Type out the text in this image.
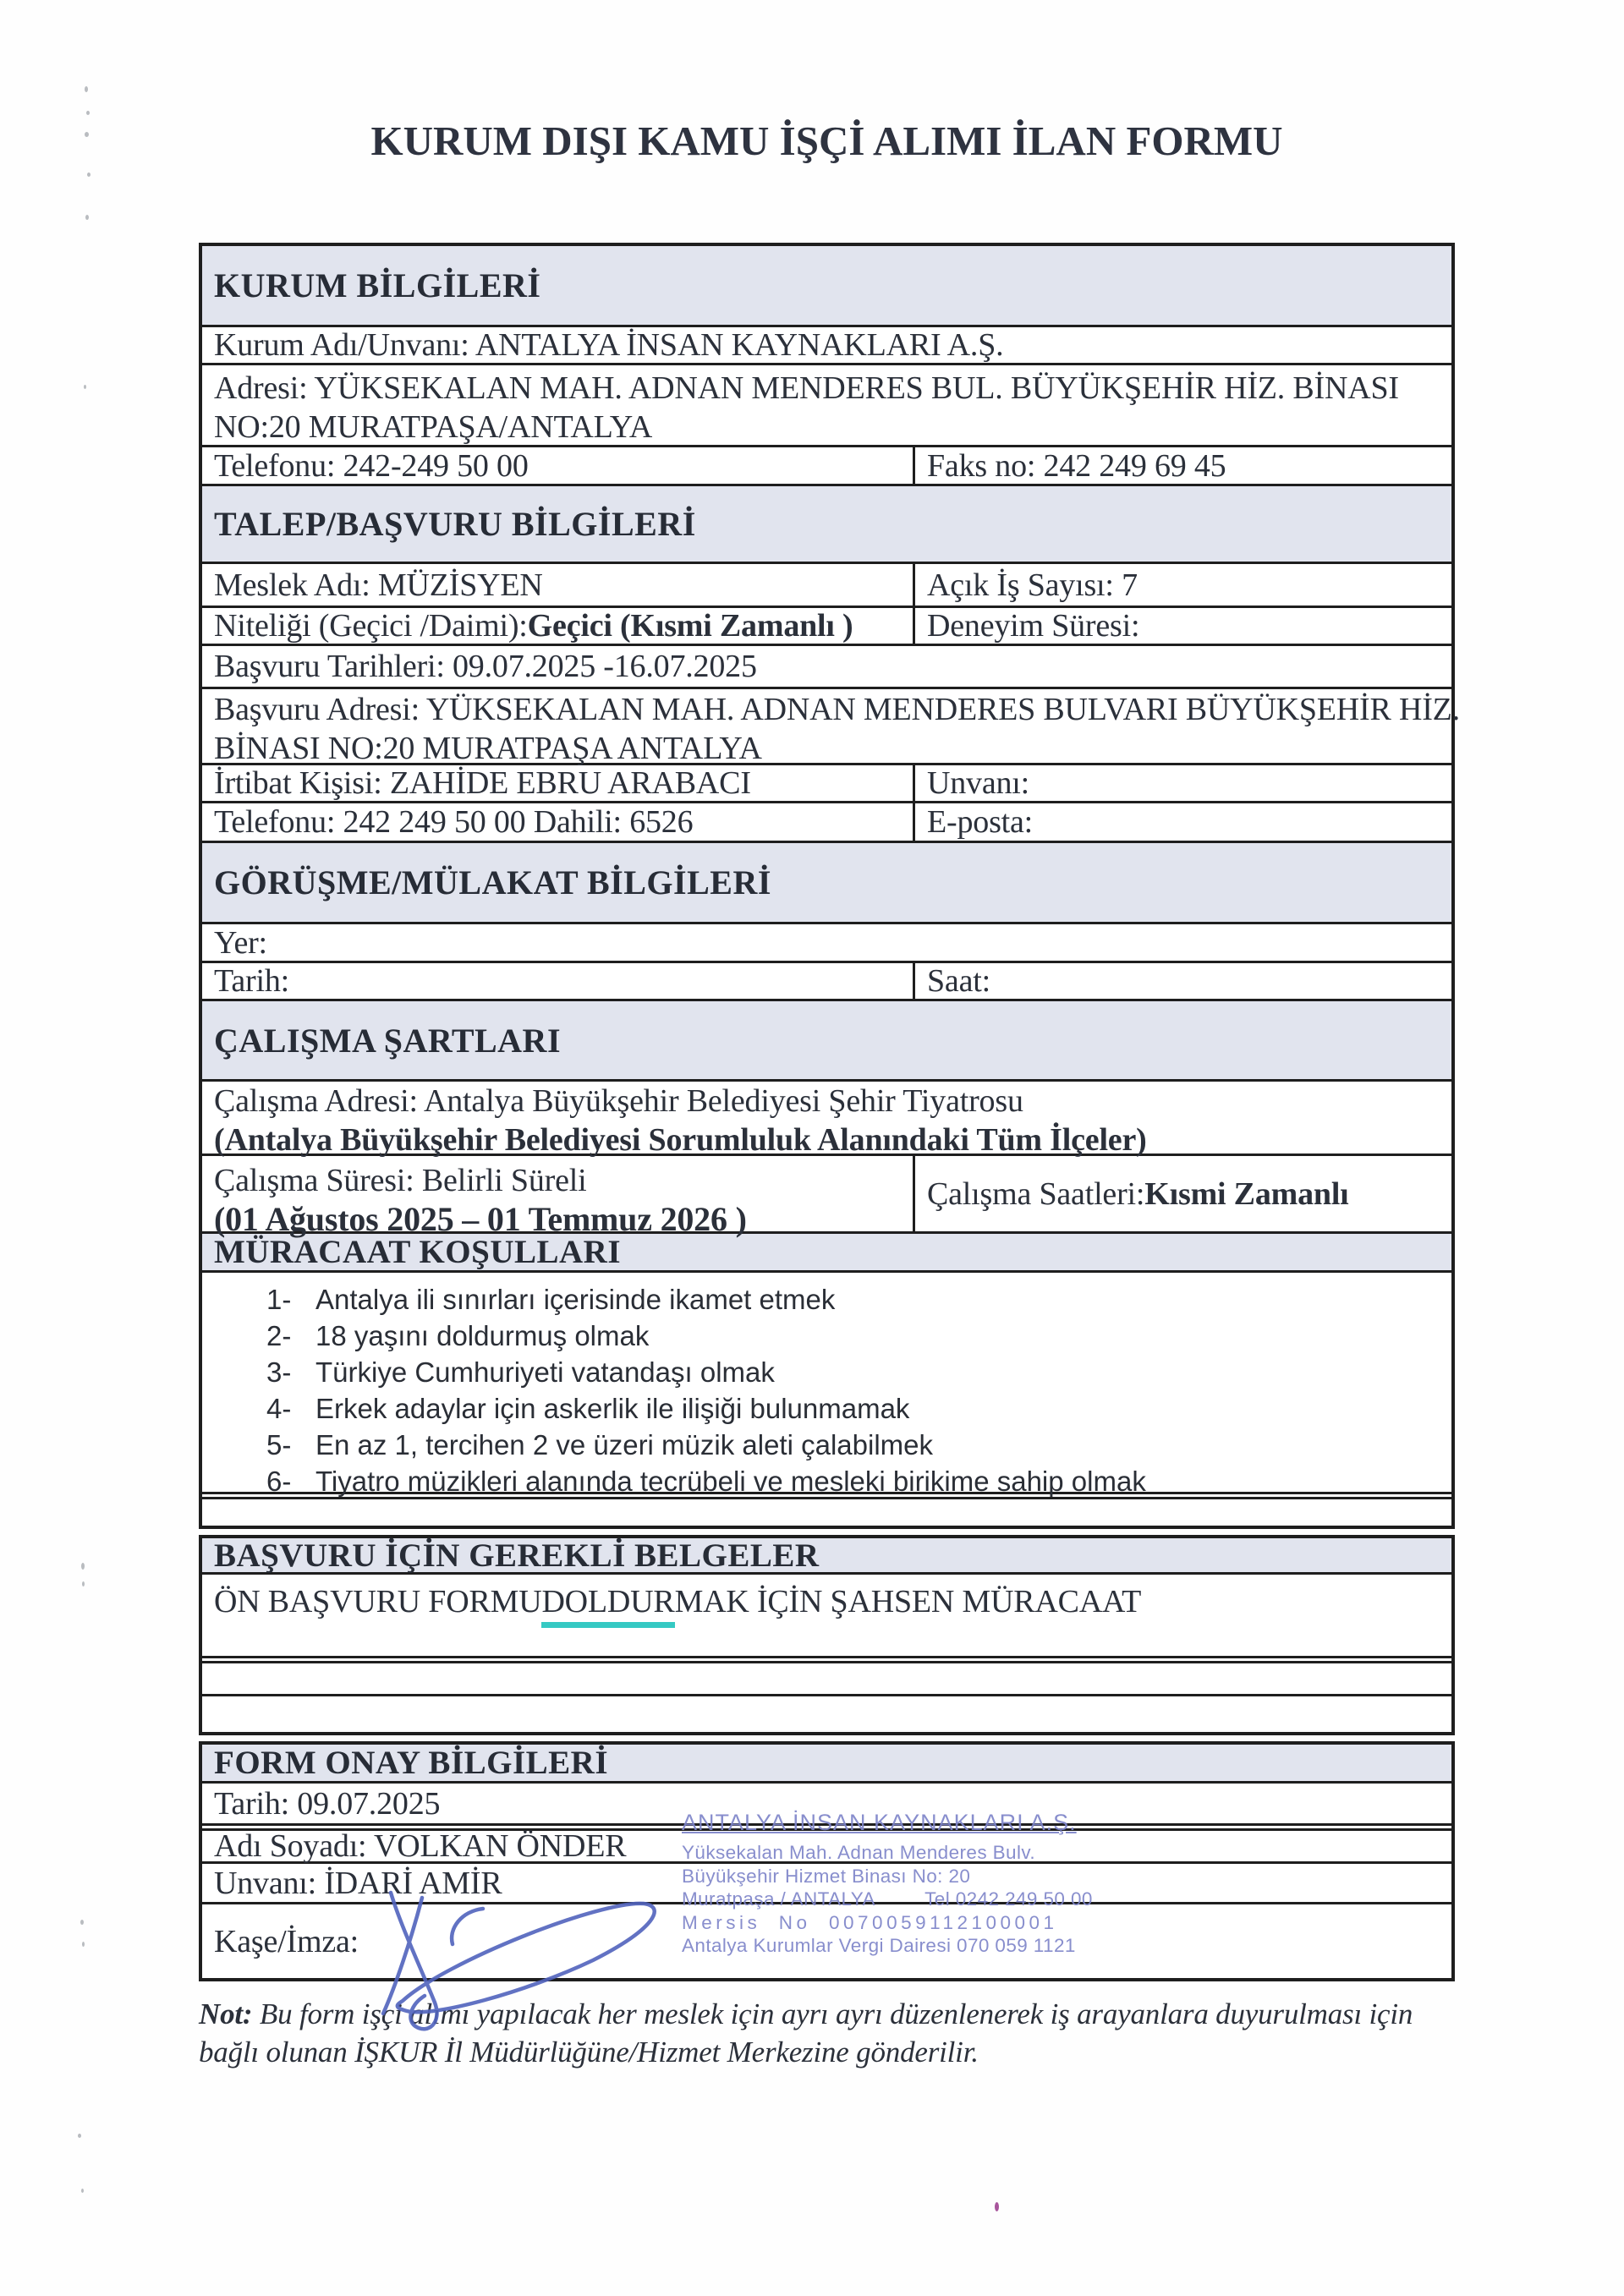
KURUM DIŞI KAMU İŞÇİ ALIMI İLAN FORMU
KURUM BİLGİLERİ
Kurum Adı/Unvanı: ANTALYA İNSAN KAYNAKLARI A.Ş.
Adresi: YÜKSEKALAN MAH. ADNAN MENDERES BUL. BÜYÜKŞEHİR HİZ. BİNASI
NO:20 MURATPAŞA/ANTALYA
Telefonu: 242-249 50 00	Faks no: 242 249 69 45
TALEP/BAŞVURU BİLGİLERİ
Meslek Adı: MÜZİSYEN	Açık İş Sayısı: 7
Niteliği (Geçici /Daimi): Geçici (Kısmi Zamanlı )	Deneyim Süresi:
Başvuru Tarihleri: 09.07.2025 -16.07.2025
Başvuru Adresi: YÜKSEKALAN MAH. ADNAN MENDERES BULVARI BÜYÜKŞEHİR HİZ.
BİNASI NO:20 MURATPAŞA ANTALYA
İrtibat Kişisi: ZAHİDE EBRU ARABACI	Unvanı:
Telefonu: 242 249 50 00 Dahili: 6526	E-posta:
GÖRÜŞME/MÜLAKAT BİLGİLERİ
Yer:
Tarih:	Saat:
ÇALIŞMA ŞARTLARI
Çalışma Adresi: Antalya Büyükşehir Belediyesi Şehir Tiyatrosu
(Antalya Büyükşehir Belediyesi Sorumluluk Alanındaki Tüm İlçeler)
Çalışma Süresi: Belirli Süreli
(01 Ağustos 2025 – 01 Temmuz 2026 )
Çalışma Saatleri: Kısmi Zamanlı
MÜRACAAT KOŞULLARI
1- Antalya ili sınırları içerisinde ikamet etmek
2- 18 yaşını doldurmuş olmak
3- Türkiye Cumhuriyeti vatandaşı olmak
4- Erkek adaylar için askerlik ile ilişiği bulunmamak
5- En az 1, tercihen 2 ve üzeri müzik aleti çalabilmek
6- Tiyatro müzikleri alanında tecrübeli ve mesleki birikime sahip olmak
BAŞVURU İÇİN GEREKLİ BELGELER
ÖN BAŞVURU FORMU DOLDUR MAK İÇİN ŞAHSEN MÜRACAAT
FORM ONAY BİLGİLERİ
Tarih: 09.07.2025
Adı Soyadı: VOLKAN ÖNDER
Unvanı: İDARİ AMİR
Kaşe/İmza:
Not: Bu form işçi alımı yapılacak her meslek için ayrı ayrı düzenlenerek iş arayanlara duyurulması için bağlı olunan İŞKUR İl Müdürlüğüne/Hizmet Merkezine gönderilir.
ANTALYA İNSAN KAYNAKLARI A.Ş.
Yüksekalan Mah. Adnan Menderes Bulv.
Büyükşehir Hizmet Binası No: 20
Muratpaşa / ANTALYA         Tel 0242 249 50 00
Mersis  No  0070059112100001
Antalya Kurumlar Vergi Dairesi 070 059 1121
